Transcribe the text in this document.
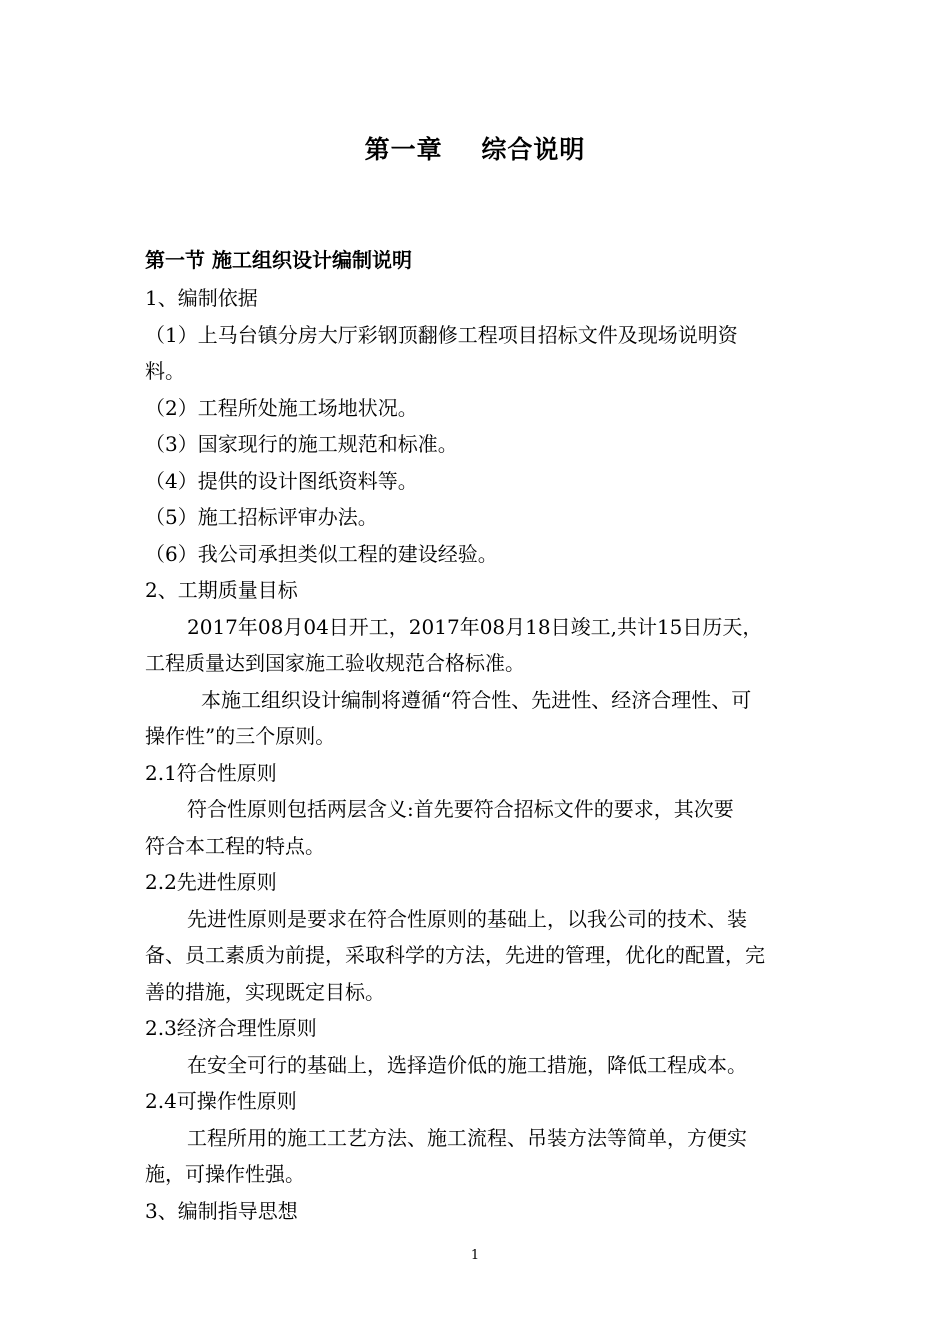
第一章    综合说明
第一节 施工组织设计编制说明

1、编制依据

（1）上马台镇分房大厅彩钢顶翻修工程项目招标文件及现场说明资

料。

（2）工程所处施工场地状况。

（3）国家现行的施工规范和标准。

（4）提供的设计图纸资料等。

（5）施工招标评审办法。

（6）我公司承担类似工程的建设经验。

2、工期质量目标

2017年08月04日开工，2017年08月18日竣工,共计15日历天，

工程质量达到国家施工验收规范合格标准。

本施工组织设计编制将遵循“符合性、先进性、经济合理性、可

操作性”的三个原则。

2.1符合性原则

符合性原则包括两层含义:首先要符合招标文件的要求，其次要

符合本工程的特点。

2.2先进性原则

先进性原则是要求在符合性原则的基础上，以我公司的技术、装

备、员工素质为前提，采取科学的方法，先进的管理，优化的配置，完

善的措施，实现既定目标。

2.3经济合理性原则

在安全可行的基础上，选择造价低的施工措施，降低工程成本。

2.4可操作性原则

工程所用的施工工艺方法、施工流程、吊装方法等简单，方便实

施，可操作性强。

3、编制指导思想

1
